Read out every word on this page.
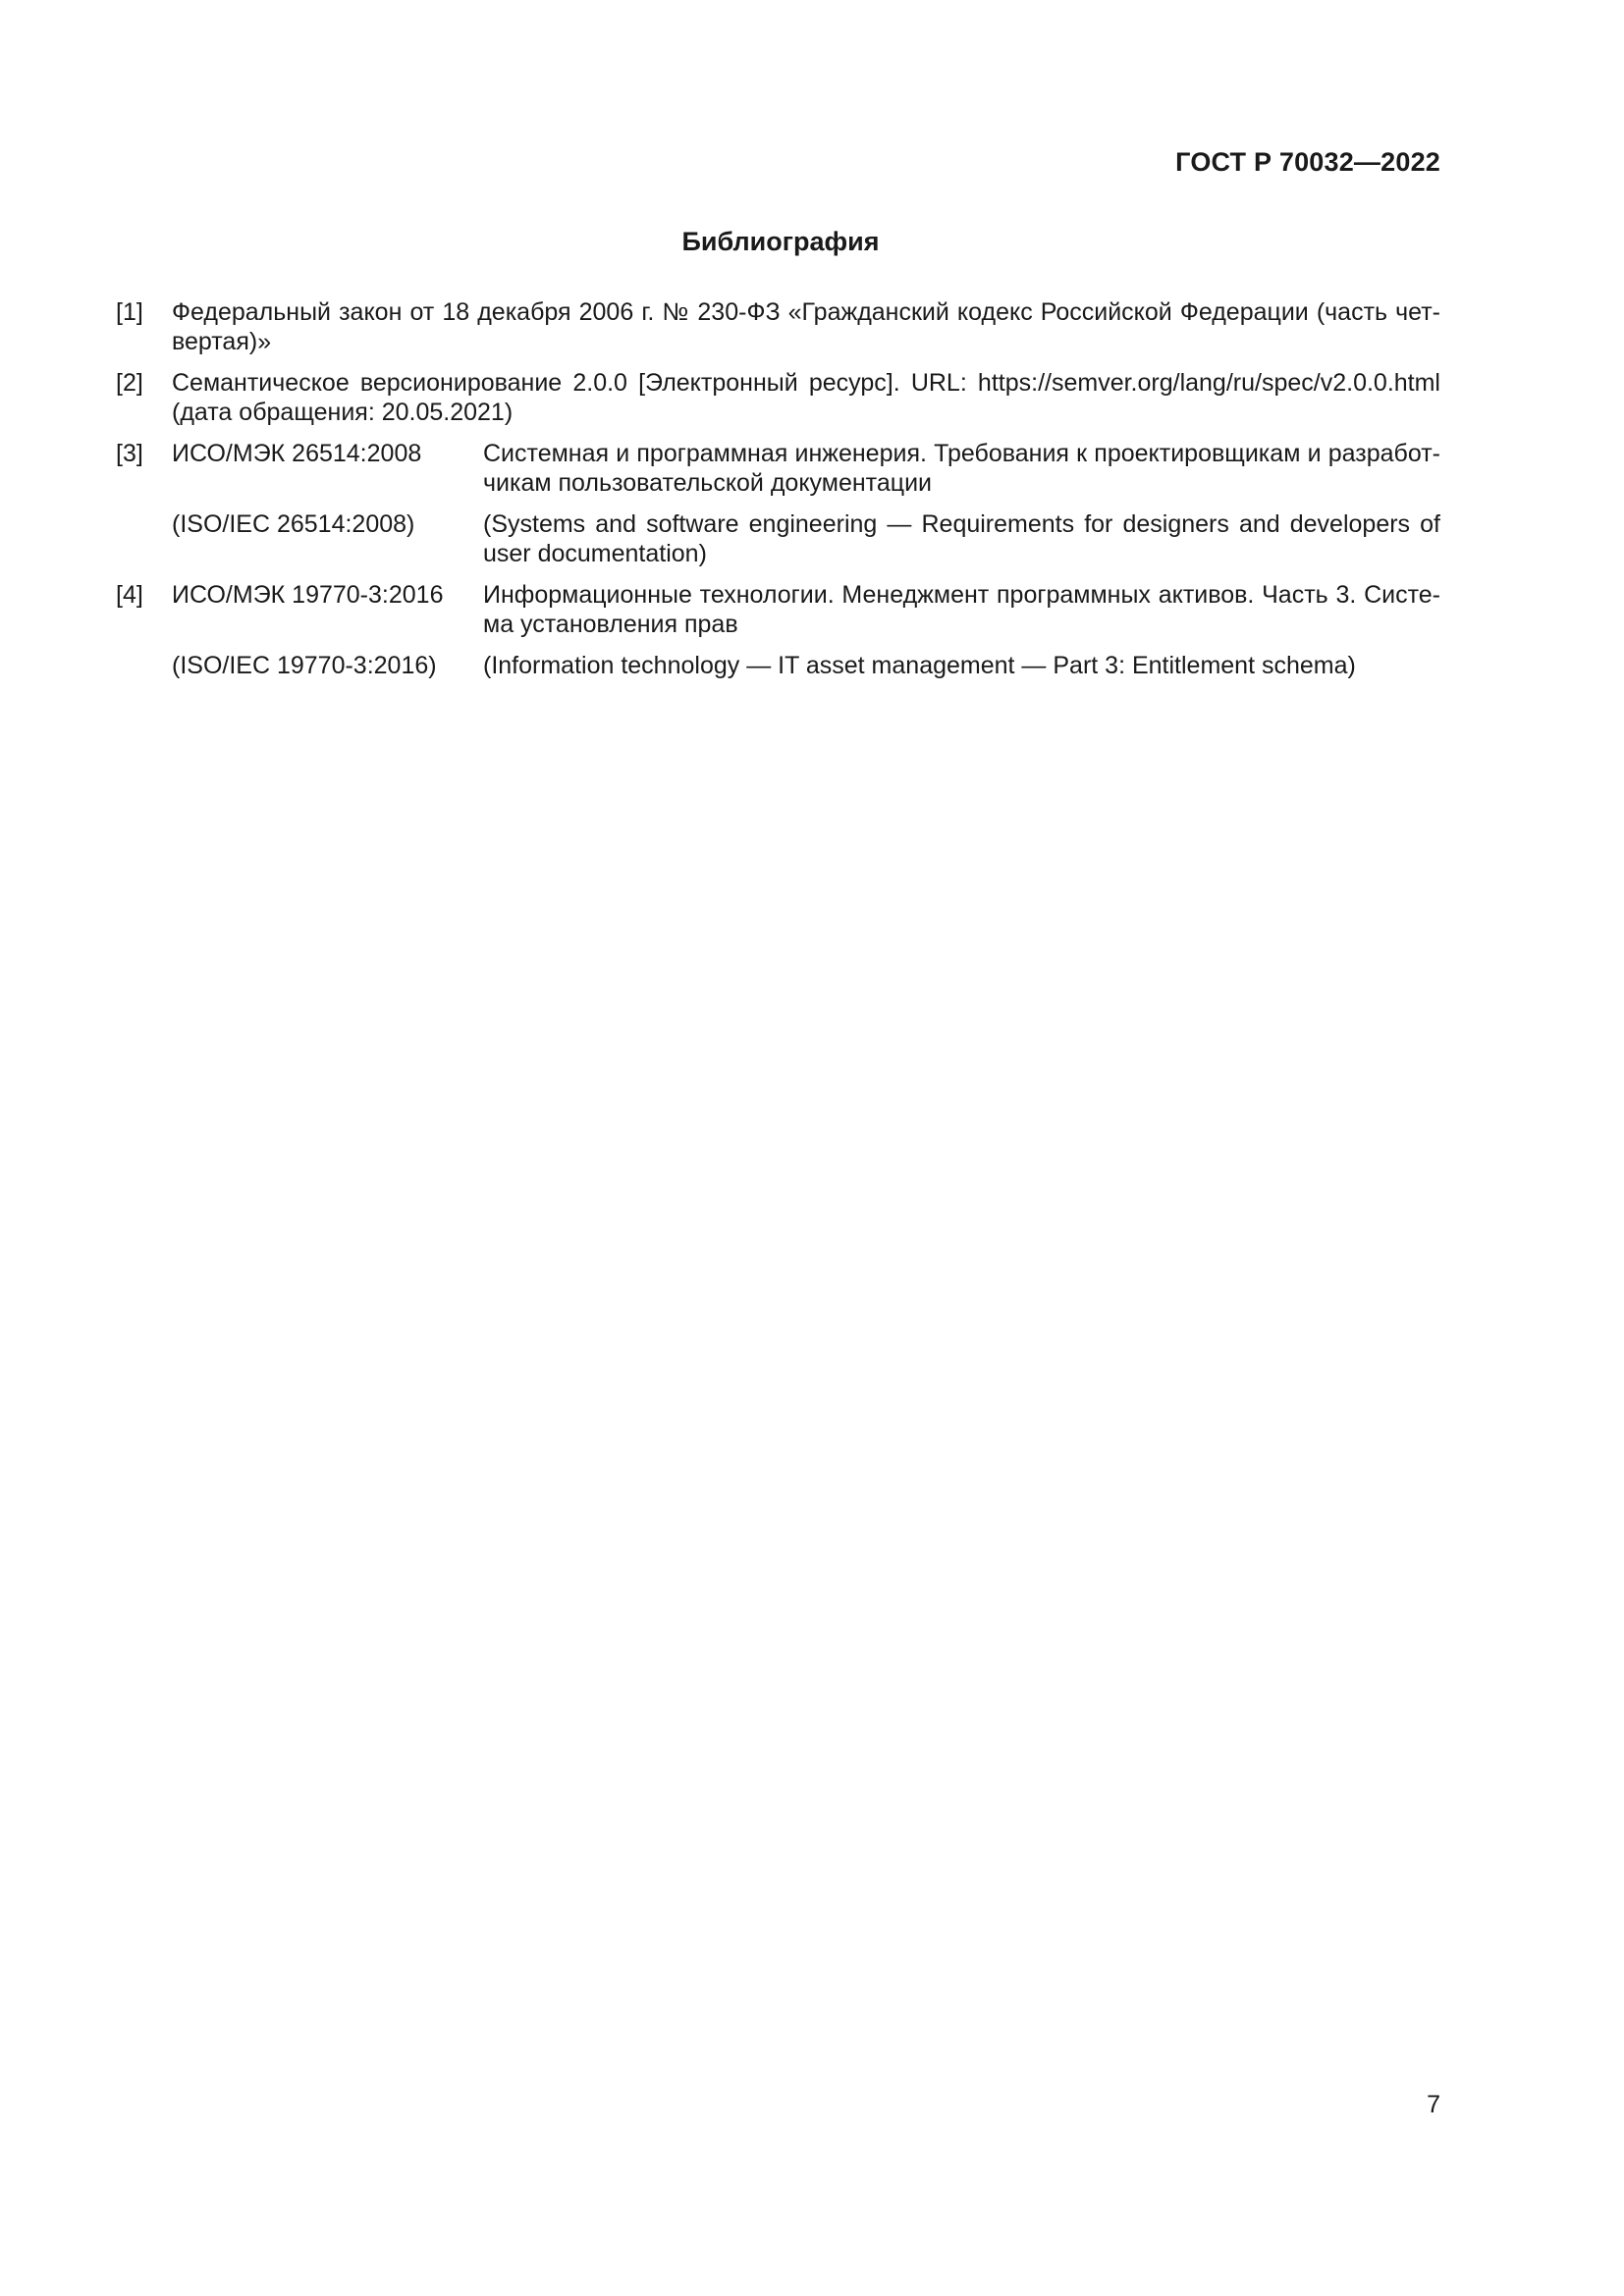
ГОСТ Р 70032—2022
Библиография
[1]	Федеральный закон от 18 декабря 2006 г. № 230-ФЗ «Гражданский кодекс Российской Федерации (часть чет-вертая)»
[2]	Семантическое версионирование 2.0.0 [Электронный ресурс]. URL: https://semver.org/lang/ru/spec/v2.0.0.html (дата обращения: 20.05.2021)
[3]	ИСО/МЭК 26514:2008	Системная и программная инженерия. Требования к проектировщикам и разработ-чикам пользовательской документации
(ISO/IEC 26514:2008)	(Systems and software engineering — Requirements for designers and developers of user documentation)
[4]	ИСО/МЭК 19770-3:2016	Информационные технологии. Менеджмент программных активов. Часть 3. Систе-ма установления прав
(ISO/IEC 19770-3:2016)	(Information technology — IT asset management — Part 3: Entitlement schema)
7
